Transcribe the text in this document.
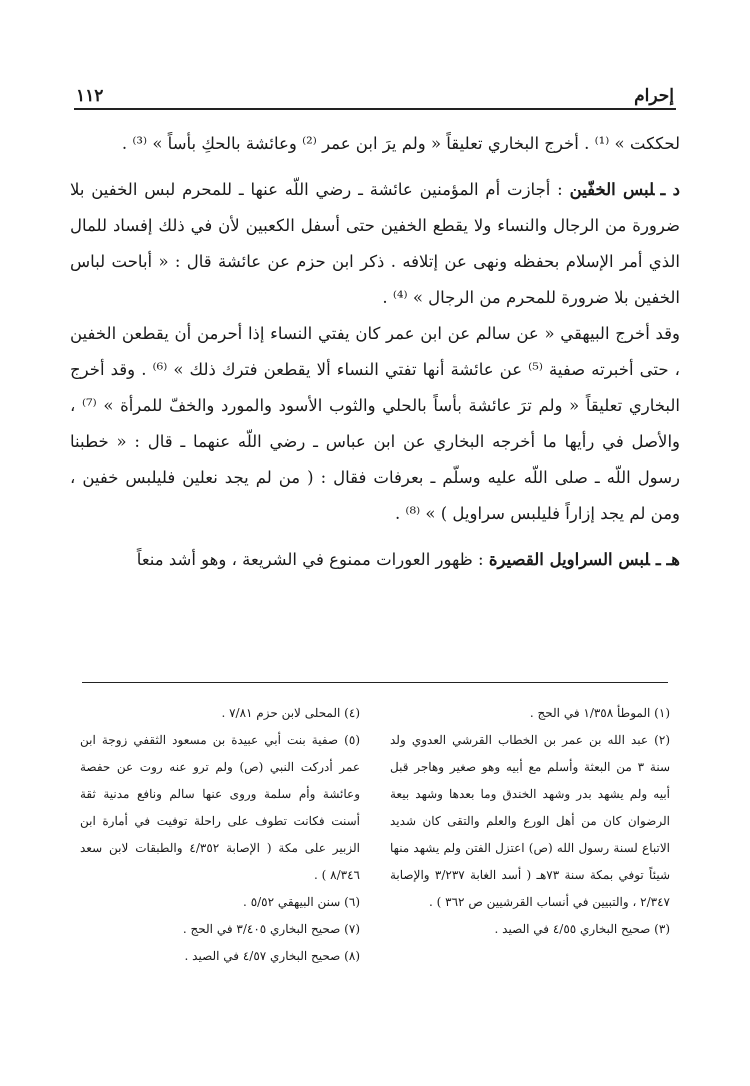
إحرام
١١٢

لحككت » ⁽¹⁾ . أخرج البخاري تعليقاً « ولم يرَ ابن عمر ⁽²⁾ وعائشة بالحكِ بأساً » ⁽³⁾ .

د ـلبس الخفّين : أجازت أم المؤمنين عائشة ـ رضي اللّه عنها ـ للمحرم لبس الخفين بلا ضرورة من الرجال والنساء ولا يقطع الخفين حتى أسفل الكعبين لأن في ذلك إفساد للمال الذي أمر الإسلام بحفظه ونهى عن إتلافه . ذكر ابن حزم عن عائشة قال : « أباحت لباس الخفين بلا ضرورة للمحرم من الرجال » ⁽⁴⁾ .

وقد أخرج البيهقي « عن سالم عن ابن عمر كان يفتي النساء إذا أحرمن أن يقطعن الخفين ، حتى أخبرته صفية ⁽⁵⁾ عن عائشة أنها تفتي النساء ألا يقطعن فترك ذلك » ⁽⁶⁾ . وقد أخرج البخاري تعليقاً « ولم ترَ عائشة بأساً بالحلي والثوب الأسود والمورد والخفّ للمرأة » ⁽⁷⁾ ، والأصل في رأيها ما أخرجه البخاري عن ابن عباس ـ رضي اللّه عنهما ـ قال : « خطبنا رسول اللّه ـ صلى اللّه عليه وسلّم ـ بعرفات فقال : ( من لم يجد نعلين فليلبس خفين ، ومن لم يجد إزاراً فليلبس سراويل ) » ⁽⁸⁾ .

هـ ـلبس السراويل القصيرة : ظهور العورات ممنوع في الشريعة ، وهو أشد منعاً

(١) الموطأ ١/٣٥٨ في الحج .

(٢) عبد الله بن عمر بن الخطاب القرشي العدوي ولد سنة ٣ من البعثة وأسلم مع أبيه وهو صغير وهاجر قبل أبيه ولم يشهد بدر وشهد الخندق وما بعدها وشهد بيعة الرضوان كان من أهل الورع والعلم والتقى كان شديد الاتباع لسنة رسول الله (ص) اعتزل الفتن ولم يشهد منها شيئاً توفي بمكة سنة ٧٣هـ ( أسد الغابة ٣/٢٣٧ والإصابة ٢/٣٤٧ ، والتبيين في أنساب القرشيين ص ٣٦٢ ) .

(٣) صحيح البخاري ٤/٥٥ في الصيد .

(٤) المحلى لابن حزم ٧/٨١ .

(٥) صفية بنت أبي عبيدة بن مسعود الثقفي زوجة ابن عمر أدركت النبي (ص) ولم ترو عنه روت عن حفصة وعائشة وأم سلمة وروى عنها سالم ونافع مدنية ثقة أسنت فكانت تطوف على راحلة توفيت في أمارة ابن الزبير على مكة ( الإصابة ٤/٣٥٢ والطبقات لابن سعد ٨/٣٤٦ ) .

(٦) سنن البيهقي ٥/٥٢ .

(٧) صحيح البخاري ٣/٤٠٥ في الحج .

(٨) صحيح البخاري ٤/٥٧ في الصيد .
